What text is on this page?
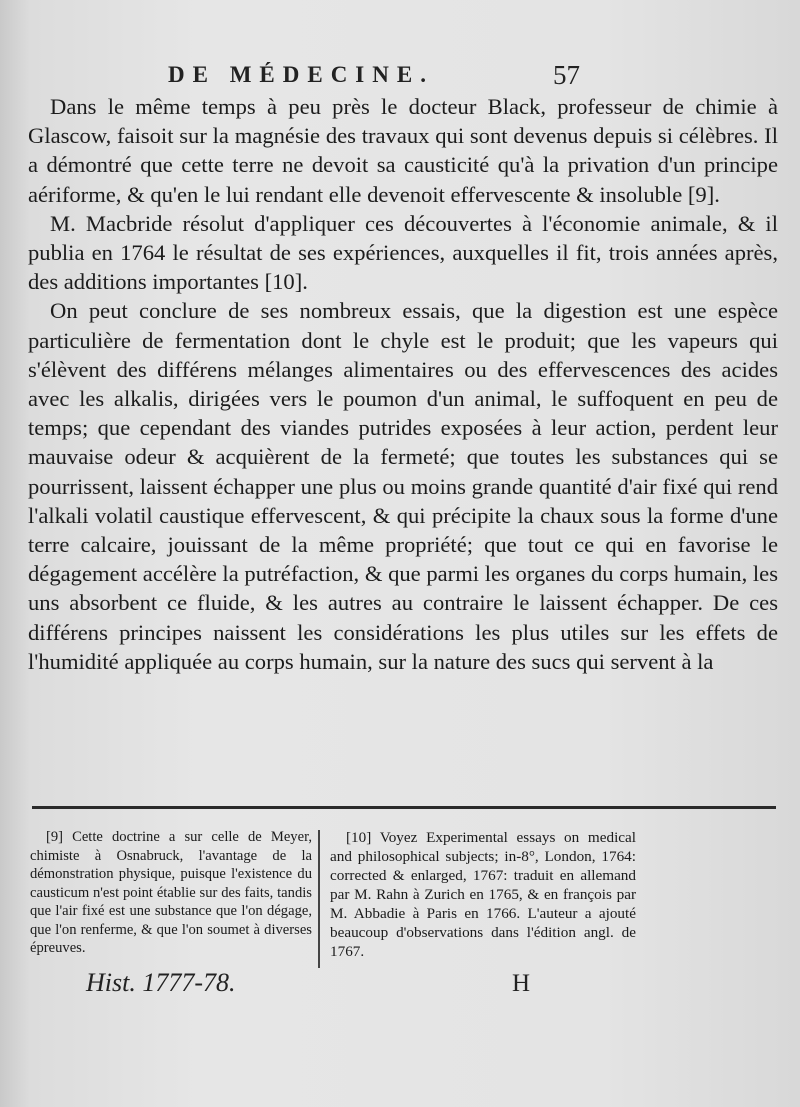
DE MÉDECINE.	57

Dans le même temps à peu près le docteur Black, professeur de chimie à Glascow, faisoit sur la magnésie des travaux qui sont devenus depuis si célèbres. Il a démontré que cette terre ne devoit sa causticité qu'à la privation d'un principe aériforme, & qu'en le lui rendant elle devenoit effervescente & insoluble [9].

M. Macbride résolut d'appliquer ces découvertes à l'économie animale, & il publia en 1764 le résultat de ses expériences, auxquelles il fit, trois années après, des additions importantes [10].

On peut conclure de ses nombreux essais, que la digestion est une espèce particulière de fermentation dont le chyle est le produit; que les vapeurs qui s'élèvent des différens mélanges alimentaires ou des effervescences des acides avec les alkalis, dirigées vers le poumon d'un animal, le suffoquent en peu de temps; que cependant des viandes putrides exposées à leur action, perdent leur mauvaise odeur & acquièrent de la fermeté; que toutes les substances qui se pourrissent, laissent échapper une plus ou moins grande quantité d'air fixé qui rend l'alkali volatil caustique effervescent, & qui précipite la chaux sous la forme d'une terre calcaire, jouissant de la même propriété; que tout ce qui en favorise le dégagement accélère la putréfaction, & que parmi les organes du corps humain, les uns absorbent ce fluide, & les autres au contraire le laissent échapper. De ces différens principes naissent les considérations les plus utiles sur les effets de l'humidité appliquée au corps humain, sur la nature des sucs qui servent à la

[9] Cette doctrine a sur celle de Meyer, chimiste à Osnabruck, l'avantage de la démonstration physique, puisque l'existence du causticum n'est point établie sur des faits, tandis que l'air fixé est une substance que l'on dégage, que l'on renferme, & que l'on soumet à diverses épreuves.

[10] Voyez Experimental essays on medical and philosophical subjects; in-8°, London, 1764: corrected & enlarged, 1767: traduit en allemand par M. Rahn à Zurich en 1765, & en françois par M. Abbadie à Paris en 1766. L'auteur a ajouté beaucoup d'observations dans l'édition angl. de 1767.

Hist. 1777-78.	H
